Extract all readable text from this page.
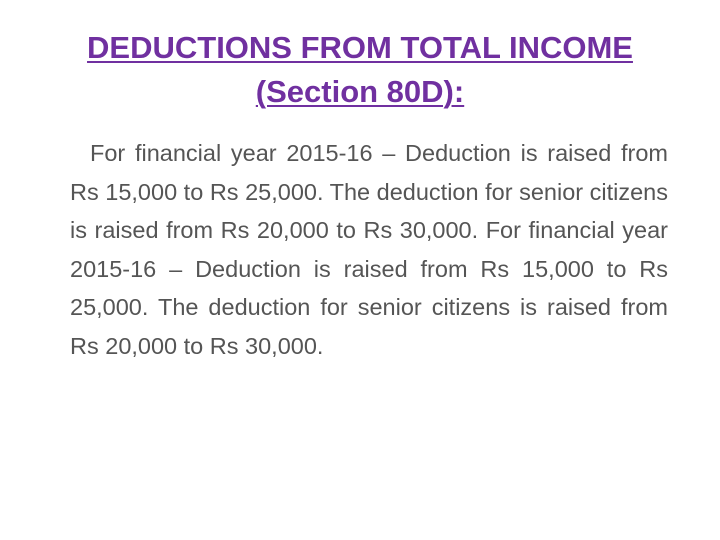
DEDUCTIONS FROM TOTAL INCOME
(Section 80D):

For financial year 2015-16 – Deduction is raised from Rs 15,000 to Rs 25,000. The deduction for senior citizens is raised from Rs 20,000 to Rs 30,000. For financial year 2015-16 – Deduction is raised from Rs 15,000 to Rs 25,000. The deduction for senior citizens is raised from Rs 20,000 to Rs 30,000.
